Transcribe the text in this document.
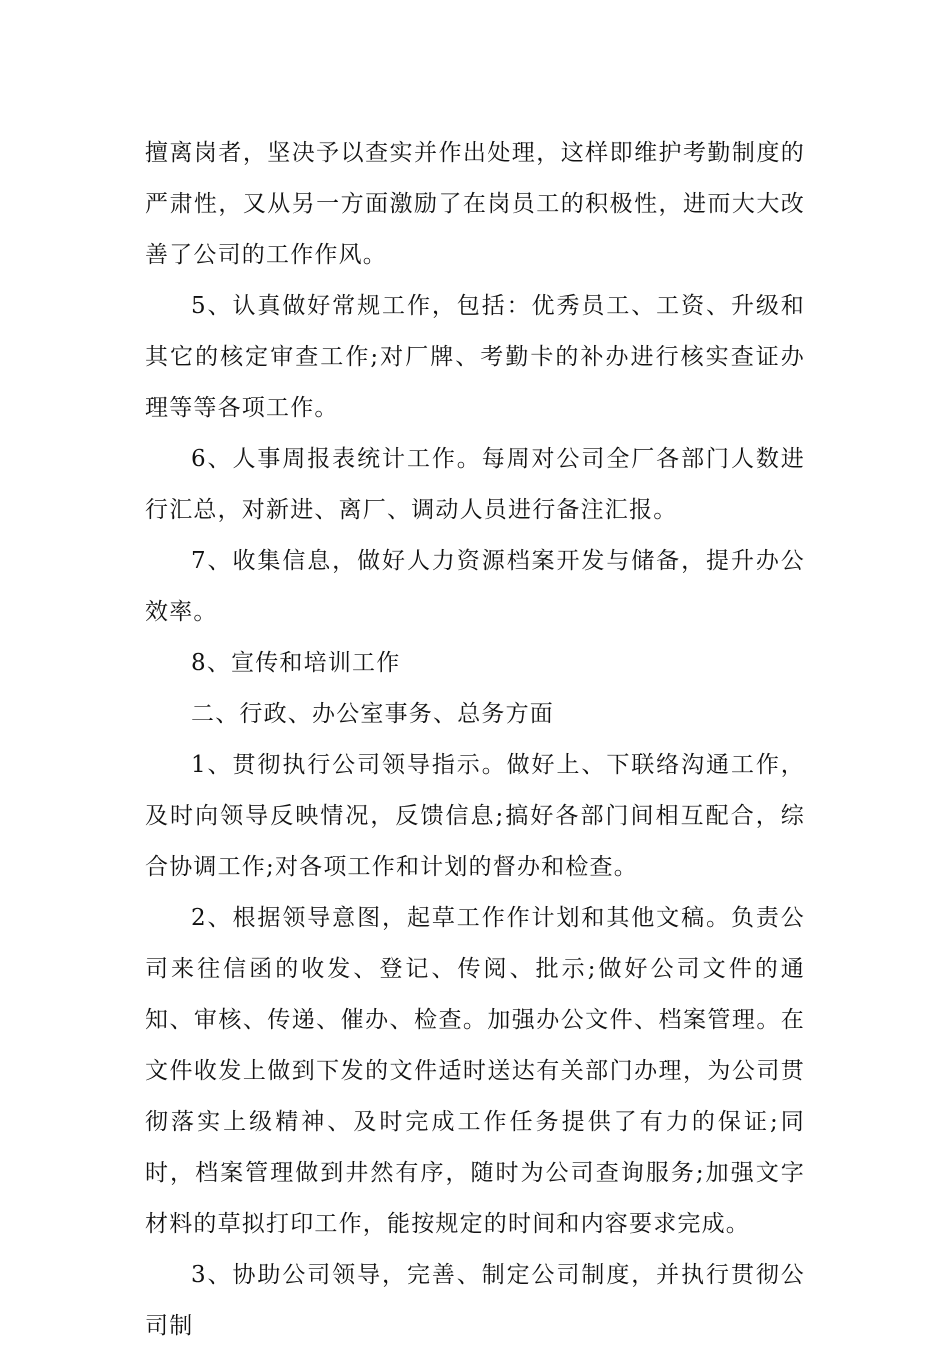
擅离岗者，坚决予以查实并作出处理，这样即维护考勤制度的严肃性，又从另一方面激励了在岗员工的积极性，进而大大改善了公司的工作作风。

5、认真做好常规工作，包括：优秀员工、工资、升级和其它的核定审查工作;对厂牌、考勤卡的补办进行核实查证办理等等各项工作。

6、人事周报表统计工作。每周对公司全厂各部门人数进行汇总，对新进、离厂、调动人员进行备注汇报。

7、收集信息，做好人力资源档案开发与储备，提升办公效率。

8、宣传和培训工作

二、行政、办公室事务、总务方面

1、贯彻执行公司领导指示。做好上、下联络沟通工作，及时向领导反映情况，反馈信息;搞好各部门间相互配合，综合协调工作;对各项工作和计划的督办和检查。

2、根据领导意图，起草工作作计划和其他文稿。负责公司来往信函的收发、登记、传阅、批示;做好公司文件的通知、审核、传递、催办、检查。加强办公文件、档案管理。在文件收发上做到下发的文件适时送达有关部门办理，为公司贯彻落实上级精神、及时完成工作任务提供了有力的保证;同时，档案管理做到井然有序，随时为公司查询服务;加强文字材料的草拟打印工作，能按规定的时间和内容要求完成。

3、协助公司领导，完善、制定公司制度，并执行贯彻公司制
